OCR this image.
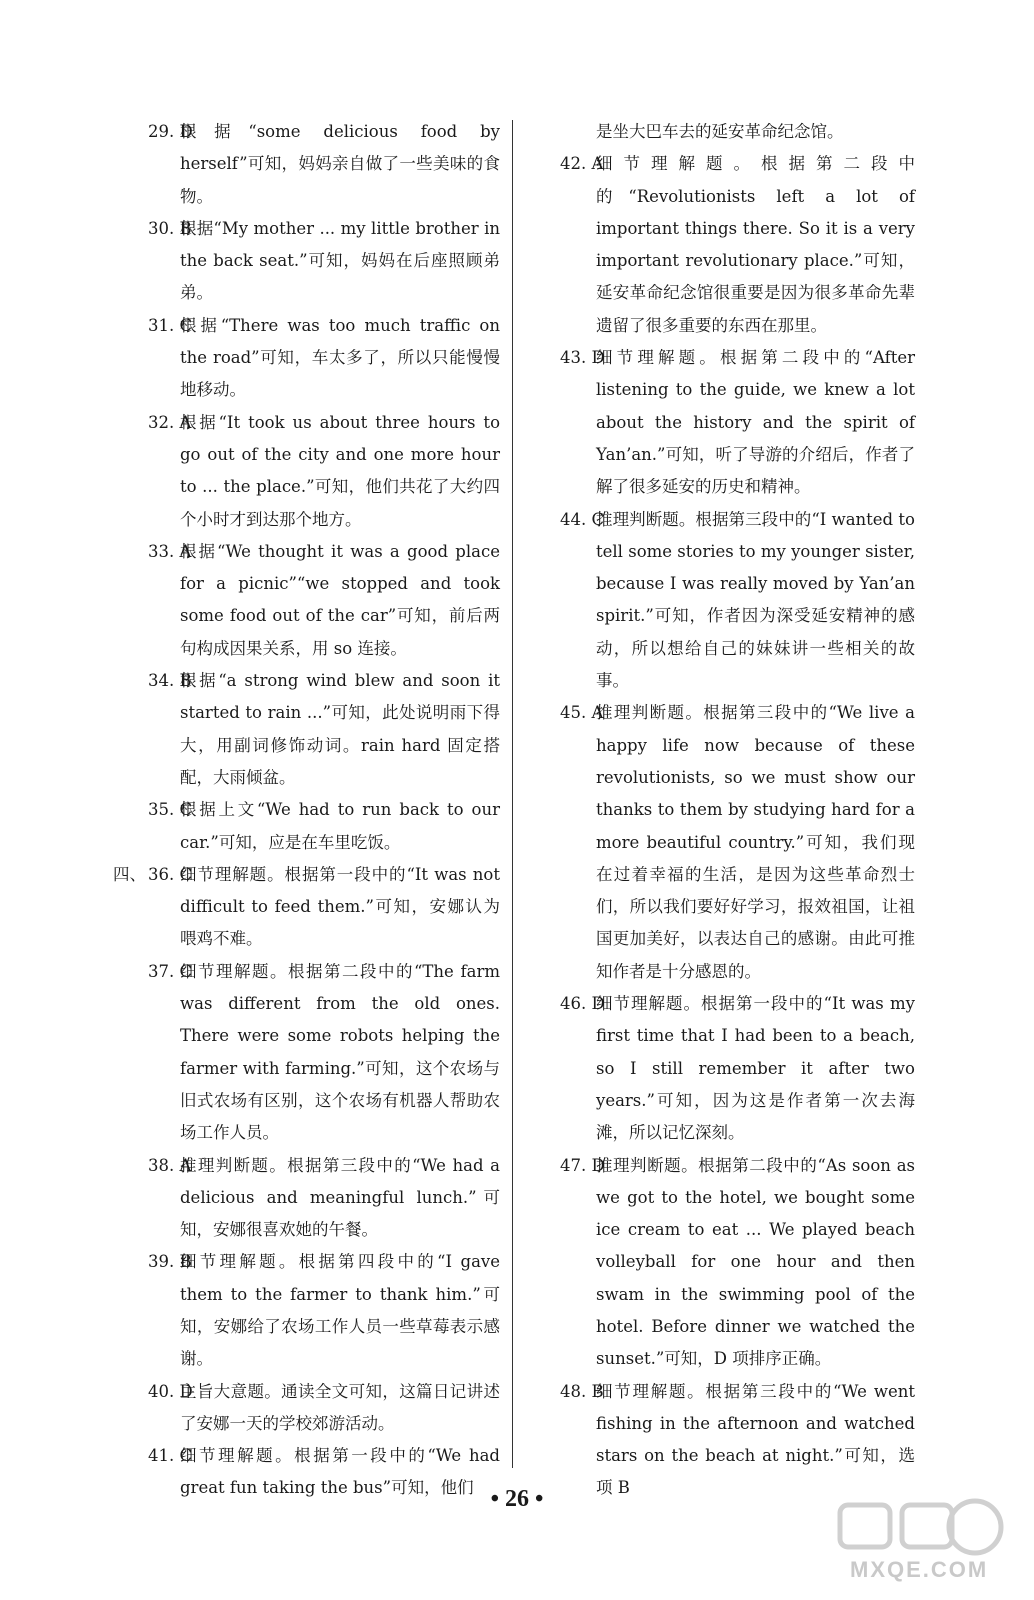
29. D
根据“some delicious food by herself”可知，妈妈亲自做了一些美味的食物。
30. B
根据“My mother ... my little brother in the back seat.”可知，妈妈在后座照顾弟弟。
31. C
根据“There was too much traffic on the road”可知，车太多了，所以只能慢慢地移动。
32. A
根据“It took us about three hours to go out of the city and one more hour to ... the place.”可知，他们共花了大约四个小时才到达那个地方。
33. A
根据“We thought it was a good place for a picnic”“we stopped and took some food out of the car”可知，前后两句构成因果关系，用 so 连接。
34. B
根据“a strong wind blew and soon it started to rain ...”可知，此处说明雨下得大，用副词修饰动词。rain hard 固定搭配，大雨倾盆。
35. C
根据上文“We had to run back to our car.”可知，应是在车里吃饭。
四、 36. C
细节理解题。根据第一段中的“It was not difficult to feed them.”可知，安娜认为喂鸡不难。
37. C
细节理解题。根据第二段中的“The farm was different from the old ones. There were some robots helping the farmer with farming.”可知，这个农场与旧式农场有区别，这个农场有机器人帮助农场工作人员。
38. A
推理判断题。根据第三段中的“We had a delicious and meaningful lunch.”可知，安娜很喜欢她的午餐。
39. B
细节理解题。根据第四段中的“I gave them to the farmer to thank him.”可知，安娜给了农场工作人员一些草莓表示感谢。
40. D
主旨大意题。通读全文可知，这篇日记讲述了安娜一天的学校郊游活动。
41. C
细节理解题。根据第一段中的“We had great fun taking the bus”可知，他们
是坐大巴车去的延安革命纪念馆。
42. A
细节理解题。根据第二段中的“Revolutionists left a lot of important things there. So it is a very important revolutionary place.”可知，延安革命纪念馆很重要是因为很多革命先辈遗留了很多重要的东西在那里。
43. D
细节理解题。根据第二段中的“After listening to the guide, we knew a lot about the history and the spirit of Yan’an.”可知，听了导游的介绍后，作者了解了很多延安的历史和精神。
44. C
推理判断题。根据第三段中的“I wanted to tell some stories to my younger sister, because I was really moved by Yan’an spirit.”可知，作者因为深受延安精神的感动，所以想给自己的妹妹讲一些相关的故事。
45. A
推理判断题。根据第三段中的“We live a happy life now because of these revolutionists, so we must show our thanks to them by studying hard for a more beautiful country.”可知，我们现在过着幸福的生活，是因为这些革命烈士们，所以我们要好好学习，报效祖国，让祖国更加美好，以表达自己的感谢。由此可推知作者是十分感恩的。
46. D
细节理解题。根据第一段中的“It was my first time that I had been to a beach, so I still remember it after two years.”可知，因为这是作者第一次去海滩，所以记忆深刻。
47. D
推理判断题。根据第二段中的“As soon as we got to the hotel, we bought some ice cream to eat ... We played beach volleyball for one hour and then swam in the swimming pool of the hotel. Before dinner we watched the sunset.”可知，D 项排序正确。
48. B
细节理解题。根据第三段中的“We went fishing in the afternoon and watched stars on the beach at night.”可知，选项 B
• 26 •
MXQE.COM
